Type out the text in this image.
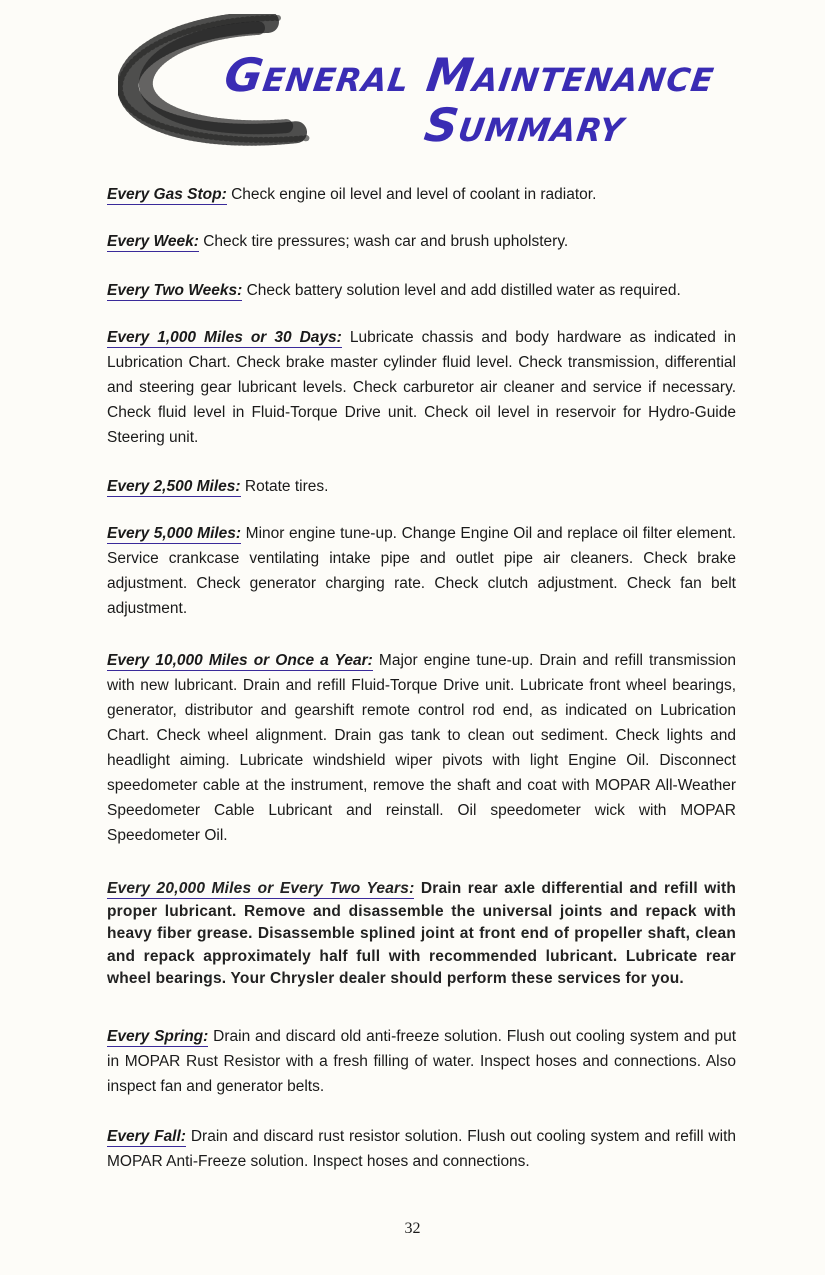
General Maintenance
Summary
Every Gas Stop: Check engine oil level and level of coolant in radiator.
Every Week: Check tire pressures; wash car and brush upholstery.
Every Two Weeks: Check battery solution level and add distilled water as required.
Every 1,000 Miles or 30 Days: Lubricate chassis and body hardware as indicated in Lubrication Chart. Check brake master cylinder fluid level. Check transmission, differential and steering gear lubricant levels. Check carburetor air cleaner and service if necessary. Check fluid level in Fluid-Torque Drive unit. Check oil level in reservoir for Hydro-Guide Steering unit.
Every 2,500 Miles: Rotate tires.
Every 5,000 Miles: Minor engine tune-up. Change Engine Oil and replace oil filter element. Service crankcase ventilating intake pipe and outlet pipe air cleaners. Check brake adjustment. Check generator charging rate. Check clutch adjustment. Check fan belt adjustment.
Every 10,000 Miles or Once a Year: Major engine tune-up. Drain and refill transmission with new lubricant. Drain and refill Fluid-Torque Drive unit. Lubricate front wheel bearings, generator, distributor and gearshift remote control rod end, as indicated on Lubrication Chart. Check wheel alignment. Drain gas tank to clean out sediment. Check lights and headlight aiming. Lubricate windshield wiper pivots with light Engine Oil. Disconnect speedometer cable at the instrument, remove the shaft and coat with MOPAR All-Weather Speedometer Cable Lubricant and reinstall. Oil speedometer wick with MOPAR Speedometer Oil.
Every 20,000 Miles or Every Two Years: Drain rear axle differential and refill with proper lubricant. Remove and disassemble the universal joints and repack with heavy fiber grease. Disassemble splined joint at front end of propeller shaft, clean and repack approximately half full with recommended lubricant. Lubricate rear wheel bearings. Your Chrysler dealer should perform these services for you.
Every Spring: Drain and discard old anti-freeze solution. Flush out cooling system and put in MOPAR Rust Resistor with a fresh filling of water. Inspect hoses and connections. Also inspect fan and generator belts.
Every Fall: Drain and discard rust resistor solution. Flush out cooling system and refill with MOPAR Anti-Freeze solution. Inspect hoses and connections.
32
